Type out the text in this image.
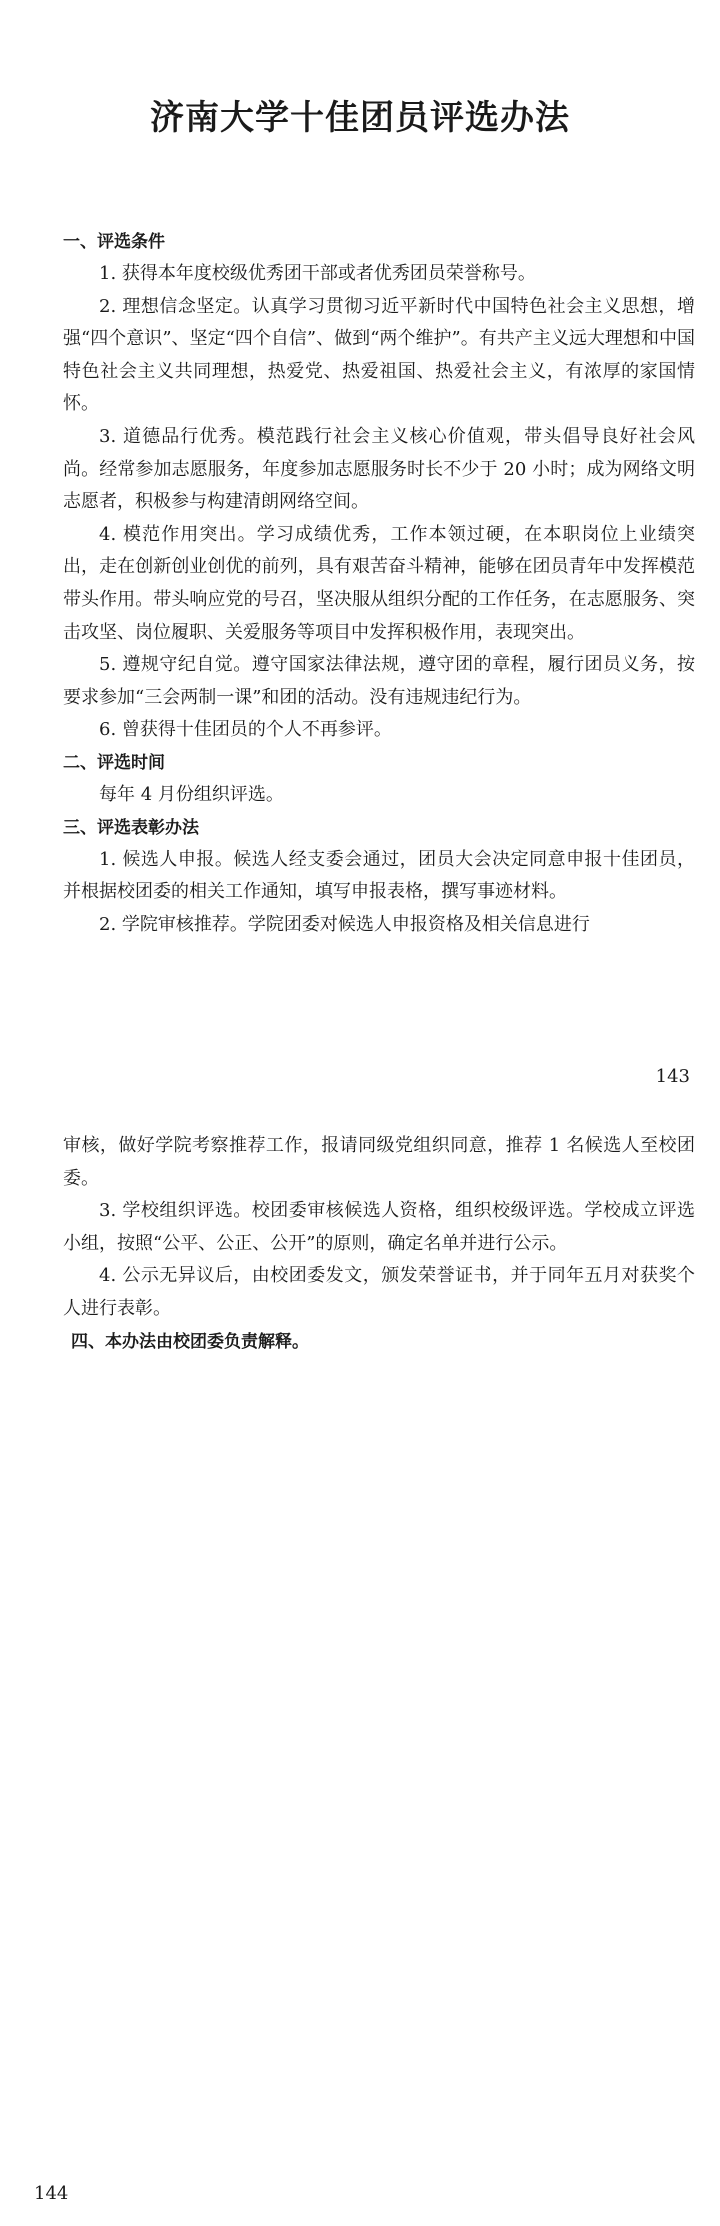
济南大学十佳团员评选办法
一、评选条件

1. 获得本年度校级优秀团干部或者优秀团员荣誉称号。

2. 理想信念坚定。认真学习贯彻习近平新时代中国特色社会主义思想，增强“四个意识”、坚定“四个自信”、做到“两个维护”。有共产主义远大理想和中国特色社会主义共同理想，热爱党、热爱祖国、热爱社会主义，有浓厚的家国情怀。

3. 道德品行优秀。模范践行社会主义核心价值观，带头倡导良好社会风尚。经常参加志愿服务，年度参加志愿服务时长不少于 20 小时；成为网络文明志愿者，积极参与构建清朗网络空间。

4. 模范作用突出。学习成绩优秀，工作本领过硬，在本职岗位上业绩突出，走在创新创业创优的前列，具有艰苦奋斗精神，能够在团员青年中发挥模范带头作用。带头响应党的号召，坚决服从组织分配的工作任务，在志愿服务、突击攻坚、岗位履职、关爱服务等项目中发挥积极作用，表现突出。

5. 遵规守纪自觉。遵守国家法律法规，遵守团的章程，履行团员义务，按要求参加“三会两制一课”和团的活动。没有违规违纪行为。

6. 曾获得十佳团员的个人不再参评。

二、评选时间

每年 4 月份组织评选。

三、评选表彰办法

1. 候选人申报。候选人经支委会通过，团员大会决定同意申报十佳团员，并根据校团委的相关工作通知，填写申报表格，撰写事迹材料。

2. 学院审核推荐。学院团委对候选人申报资格及相关信息进行

143

审核，做好学院考察推荐工作，报请同级党组织同意，推荐 1 名候选人至校团委。

3. 学校组织评选。校团委审核候选人资格，组织校级评选。学校成立评选小组，按照“公平、公正、公开”的原则，确定名单并进行公示。

4. 公示无异议后，由校团委发文，颁发荣誉证书，并于同年五月对获奖个人进行表彰。

四、本办法由校团委负责解释。
144
